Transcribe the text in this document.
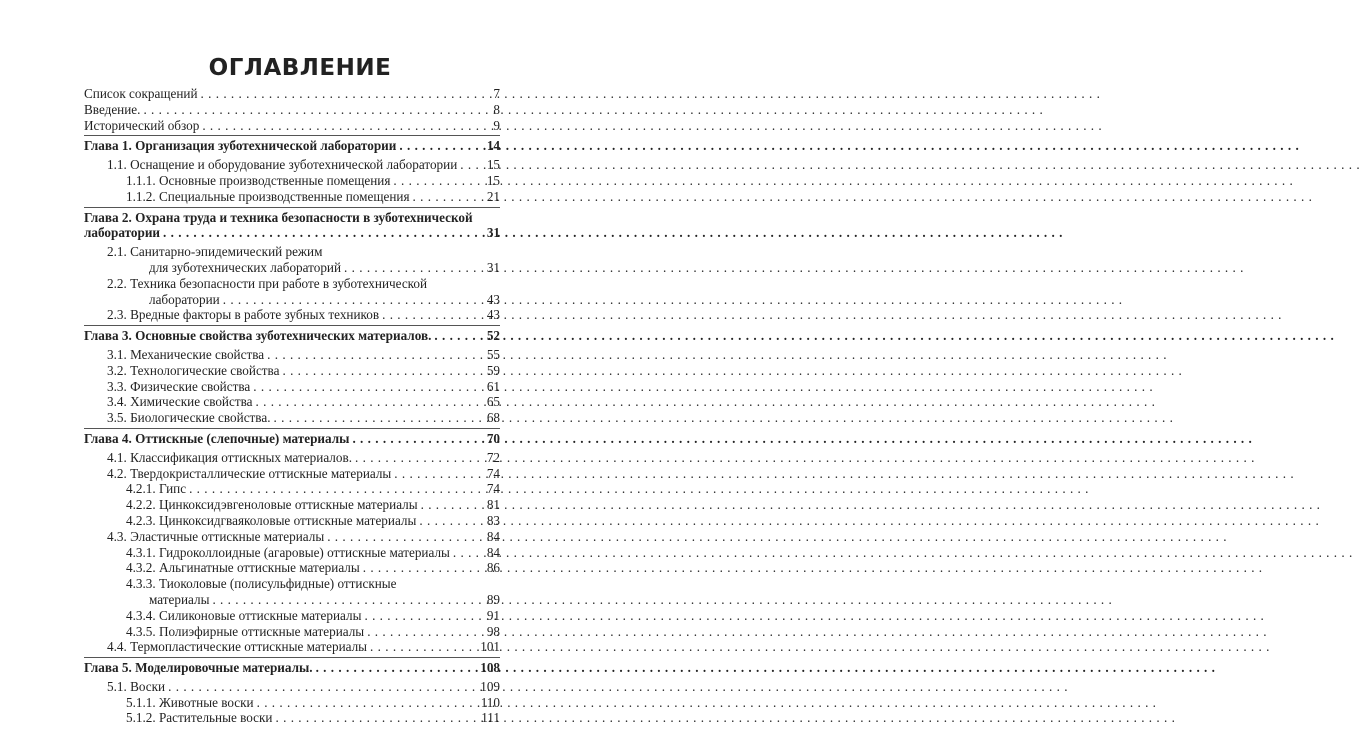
ОГЛАВЛЕНИЕ
Список сокращений . . .	7
Введение. . . .	8
Исторический обзор . . .	9
Глава 1. Организация зуботехнической лаборатории . . .	14
1.1. Оснащение и оборудование зуботехнической лаборатории . . . 15
1.1.1. Основные производственные помещения . . .	15
1.1.2. Специальные производственные помещения . . .	21
Глава 2. Охрана труда и техника безопасности в зуботехнической
лаборатории . . .	31
2.1. Санитарно-эпидемический режим
для зуботехнических лабораторий . . .	31
2.2. Техника безопасности при работе в зуботехнической
лаборатории . . .	43
2.3. Вредные факторы в работе зубных техников . . .	43
Глава 3. Основные свойства зуботехнических материалов. . . .	52
3.1. Механические свойства . . .	55
3.2. Технологические свойства . . .	59
3.3. Физические свойства . . .	61
3.4. Химические свойства . . .	65
3.5. Биологические свойства. . . .	68
Глава 4. Оттискные (слепочные) материалы . . .	70
4.1. Классификация оттискных материалов. . . .	72
4.2. Твердокристаллические оттискные материалы . . .	74
4.2.1. Гипс . . .	74
4.2.2. Цинкоксидэвгеноловые оттискные материалы . . .	81
4.2.3. Цинкоксидгваяколовые оттискные материалы . . .	83
4.3. Эластичные оттискные материалы . . .	84
4.3.1. Гидроколлоидные (агаровые) оттискные материалы . . .	84
4.3.2. Альгинатные оттискные материалы . . .	86
4.3.3. Тиоколовые (полисульфидные) оттискные
материалы . . .	89
4.3.4. Силиконовые оттискные материалы . . .	91
4.3.5. Полиэфирные оттискные материалы . . .	98
4.4. Термопластические оттискные материалы . . .	101
Глава 5. Моделировочные материалы. . . .	108
5.1. Воски . . .	109
5.1.1. Животные воски . . .	110
5.1.2. Растительные воски . . .	111
